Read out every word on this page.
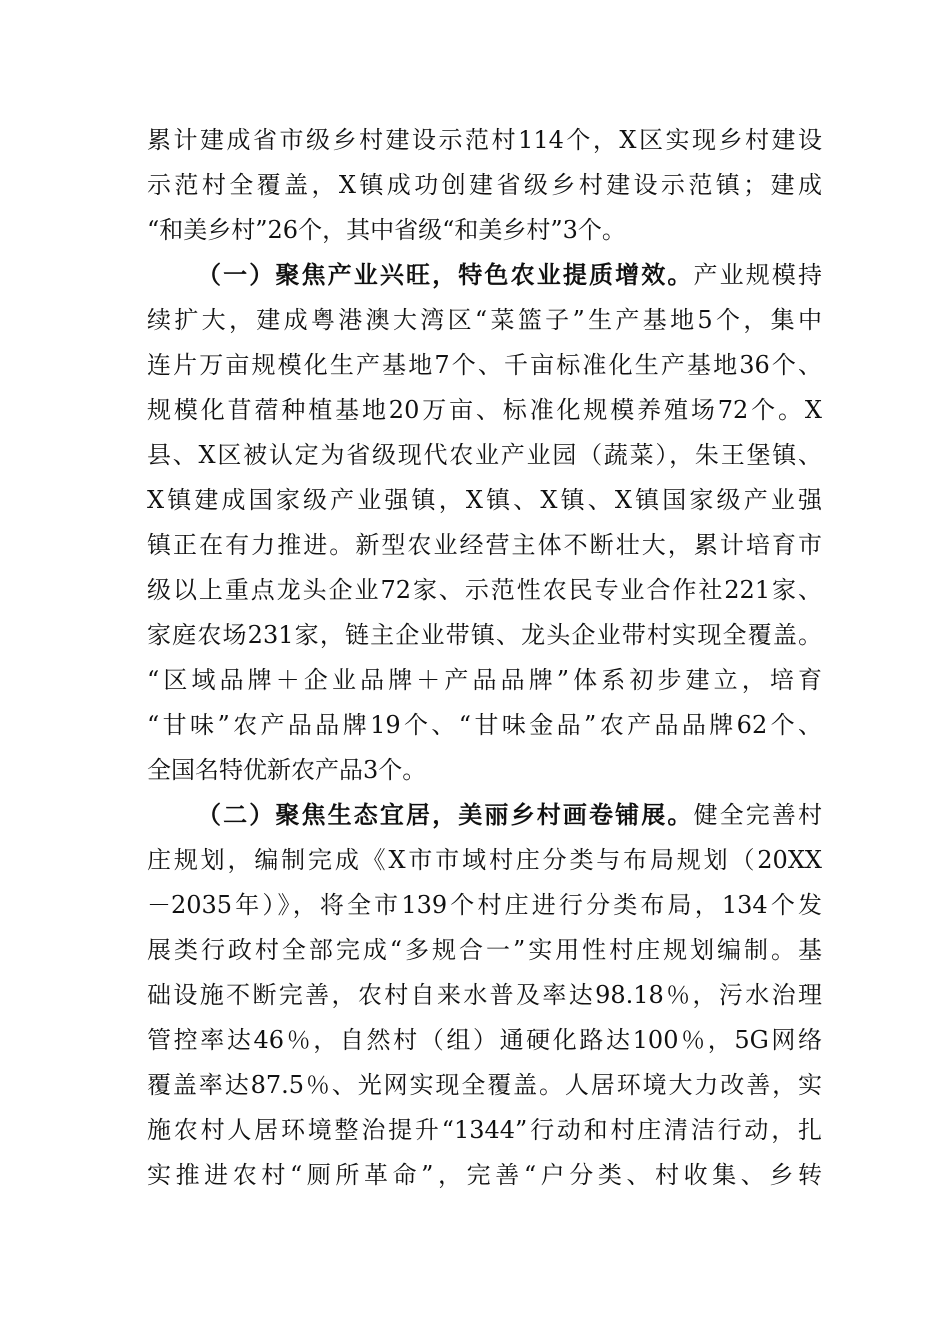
累计建成省市级乡村建设示范村114个，X区实现乡村建设
示范村全覆盖，X镇成功创建省级乡村建设示范镇；建成
“和美乡村”26个，其中省级“和美乡村”3个。
（一）聚焦产业兴旺，特色农业提质增效。产业规模持
续扩大，建成粤港澳大湾区“菜篮子”生产基地5个，集中
连片万亩规模化生产基地7个、千亩标准化生产基地36个、
规模化苜蓿种植基地20万亩、标准化规模养殖场72个。X
县、X区被认定为省级现代农业产业园（蔬菜），朱王堡镇、
X镇建成国家级产业强镇，X镇、X镇、X镇国家级产业强
镇正在有力推进。新型农业经营主体不断壮大，累计培育市
级以上重点龙头企业72家、示范性农民专业合作社221家、
家庭农场231家，链主企业带镇、龙头企业带村实现全覆盖。
“区域品牌＋企业品牌＋产品品牌”体系初步建立，培育
“甘味”农产品品牌19个、“甘味金品”农产品品牌62个、
全国名特优新农产品3个。
（二）聚焦生态宜居，美丽乡村画卷铺展。健全完善村
庄规划，编制完成《X市市域村庄分类与布局规划（20XX
－2035年）》，将全市139个村庄进行分类布局，134个发
展类行政村全部完成“多规合一”实用性村庄规划编制。基
础设施不断完善，农村自来水普及率达98.18％，污水治理
管控率达46％，自然村（组）通硬化路达100％，5G网络
覆盖率达87.5％、光网实现全覆盖。人居环境大力改善，实
施农村人居环境整治提升“1344”行动和村庄清洁行动，扎
实推进农村“厕所革命”，完善“户分类、村收集、乡转
